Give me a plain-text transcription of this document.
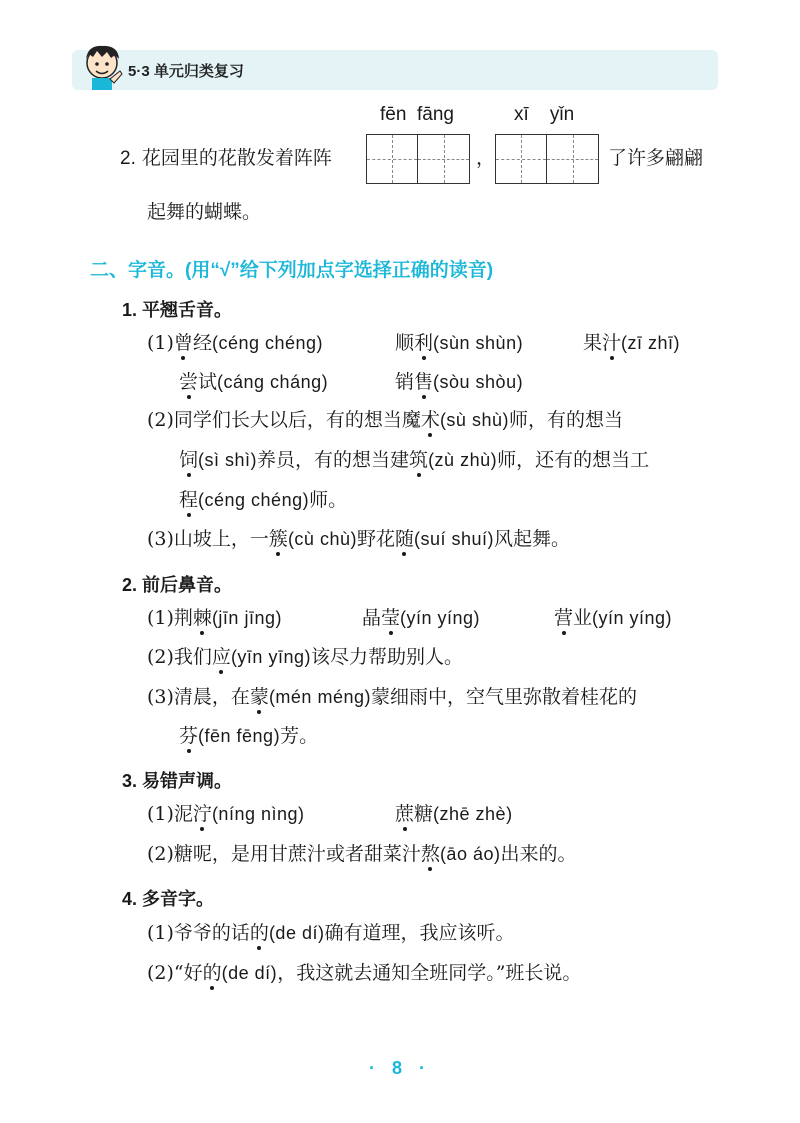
5·3 单元归类复习
fēn fāng	xī yǐn
2. 花园里的花散发着阵阵	，	了许多翩翩
起舞的蝴蝶。
二、字音。(用“√”给下列加点字选择正确的读音)
1. 平翘舌音。
(1)曾经(céng chéng)	顺利(sùn shùn)	果汁(zī zhī)
尝试(cáng cháng)	销售(sòu shòu)
(2)同学们长大以后，有的想当魔术(sù shù)师，有的想当
饲(sì shì)养员，有的想当建筑(zù zhù)师，还有的想当工
程(céng chéng)师。
(3)山坡上，一簇(cù chù)野花随(suí shuí)风起舞。
2. 前后鼻音。
(1)荆棘(jīn jīng)	晶莹(yín yíng)	营业(yín yíng)
(2)我们应(yīn yīng)该尽力帮助别人。
(3)清晨，在蒙(mén méng)蒙细雨中，空气里弥散着桂花的
芬(fēn fēng)芳。
3. 易错声调。
(1)泥泞(níng nìng)	蔗糖(zhē zhè)
(2)糖呢，是用甘蔗汁或者甜菜汁熬(āo áo)出来的。
4. 多音字。
(1)爷爷的话的(de dí)确有道理，我应该听。
(2)“好的(de dí)，我这就去通知全班同学。”班长说。
· 8 ·
